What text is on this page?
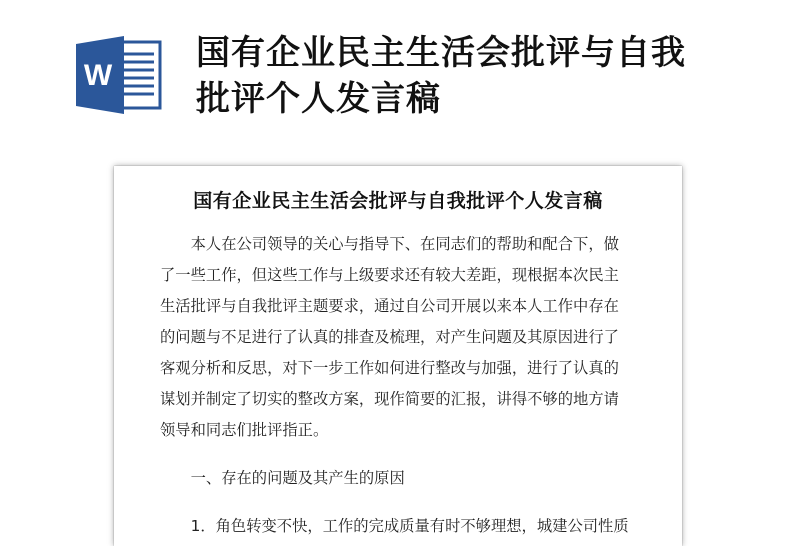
W
国有企业民主生活会批评与自我
批评个人发言稿
国有企业民主生活会批评与自我批评个人发言稿

　　本人在公司领导的关心与指导下、在同志们的帮助和配合下，做

了一些工作，但这些工作与上级要求还有较大差距，现根据本次民主

生活批评与自我批评主题要求，通过自公司开展以来本人工作中存在

的问题与不足进行了认真的排查及梳理，对产生问题及其原因进行了

客观分析和反思，对下一步工作如何进行整改与加强，进行了认真的

谋划并制定了切实的整改方案，现作简要的汇报，讲得不够的地方请

领导和同志们批评指正。

　　一、存在的问题及其产生的原因

　　1．角色转变不快，工作的完成质量有时不够理想，城建公司性质
